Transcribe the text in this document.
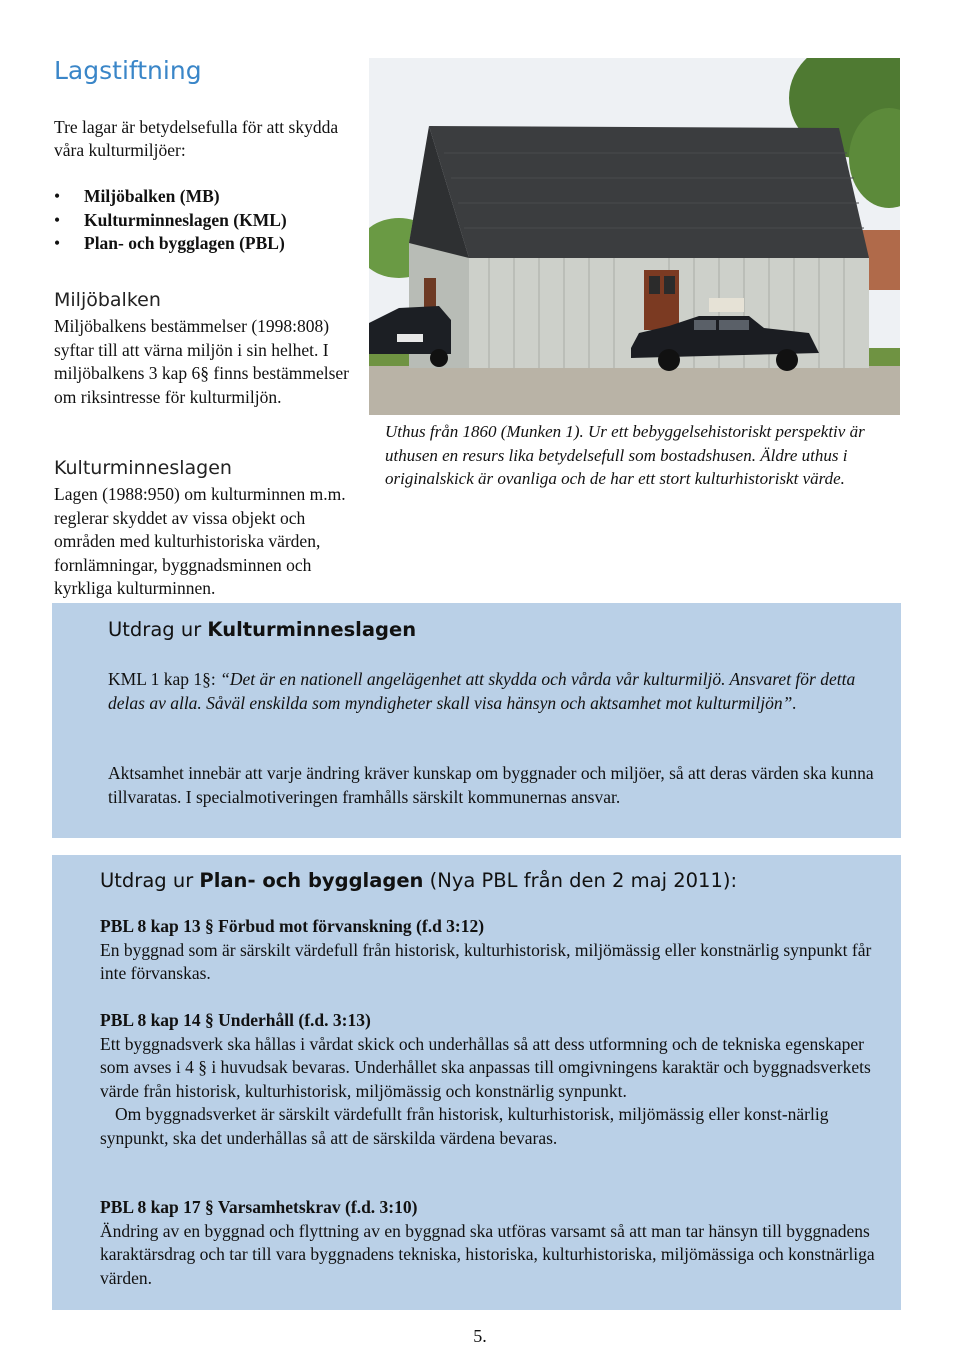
Lagstiftning

Tre lagar är betydelsefulla för att skydda våra kulturmiljöer:

• Miljöbalken (MB)
• Kulturminneslagen (KML)
• Plan- och bygglagen (PBL)
Miljöbalken

Miljöbalkens bestämmelser (1998:808) syftar till att värna miljön i sin helhet. I miljöbalkens 3 kap 6§ finns bestämmelser om riksintresse för kulturmiljön.

Kulturminneslagen

Lagen (1988:950) om kulturminnen m.m. reglerar skyddet av vissa objekt och områden med kulturhistoriska värden, fornlämningar, byggnadsminnen och kyrkliga kulturminnen.

Uthus från 1860 (Munken 1). Ur ett bebyggelsehistoriskt perspektiv är uthusen en resurs lika betydelsefull som bostadshusen. Äldre uthus i originalskick är ovanliga och de har ett stort kulturhistoriskt värde.

Utdrag ur Kulturminneslagen

KML 1 kap 1§: “Det är en nationell angelägenhet att skydda och vårda vår kulturmiljö. Ansvaret för detta delas av alla. Såväl enskilda som myndigheter skall visa hänsyn och aktsamhet mot kulturmiljön”.

Aktsamhet innebär att varje ändring kräver kunskap om byggnader och miljöer, så att deras värden ska kunna tillvaratas. I specialmotiveringen framhålls särskilt kommunernas ansvar.

Utdrag ur Plan- och bygglagen (Nya PBL från den 2 maj 2011):

PBL 8 kap 13 § Förbud mot förvanskning (f.d 3:12)
En byggnad som är särskilt värdefull från historisk, kulturhistorisk, miljömässig eller konstnärlig synpunkt får inte förvanskas.

PBL 8 kap 14 § Underhåll (f.d. 3:13)
Ett byggnadsverk ska hållas i vårdat skick och underhållas så att dess utformning och de tekniska egenskaper som avses i 4 § i huvudsak bevaras. Underhållet ska anpassas till omgivningens karaktär och byggnadsverkets värde från historisk, kulturhistorisk, miljömässig och konstnärlig synpunkt.
Om byggnadsverket är särskilt värdefullt från historisk, kulturhistorisk, miljömässig eller konst-närlig synpunkt, ska det underhållas så att de särskilda värdena bevaras.

PBL 8 kap 17 § Varsamhetskrav (f.d. 3:10)
Ändring av en byggnad och flyttning av en byggnad ska utföras varsamt så att man tar hänsyn till byggnadens karaktärsdrag och tar till vara byggnadens tekniska, historiska, kulturhistoriska, miljömässiga och konstnärliga värden.

5.
